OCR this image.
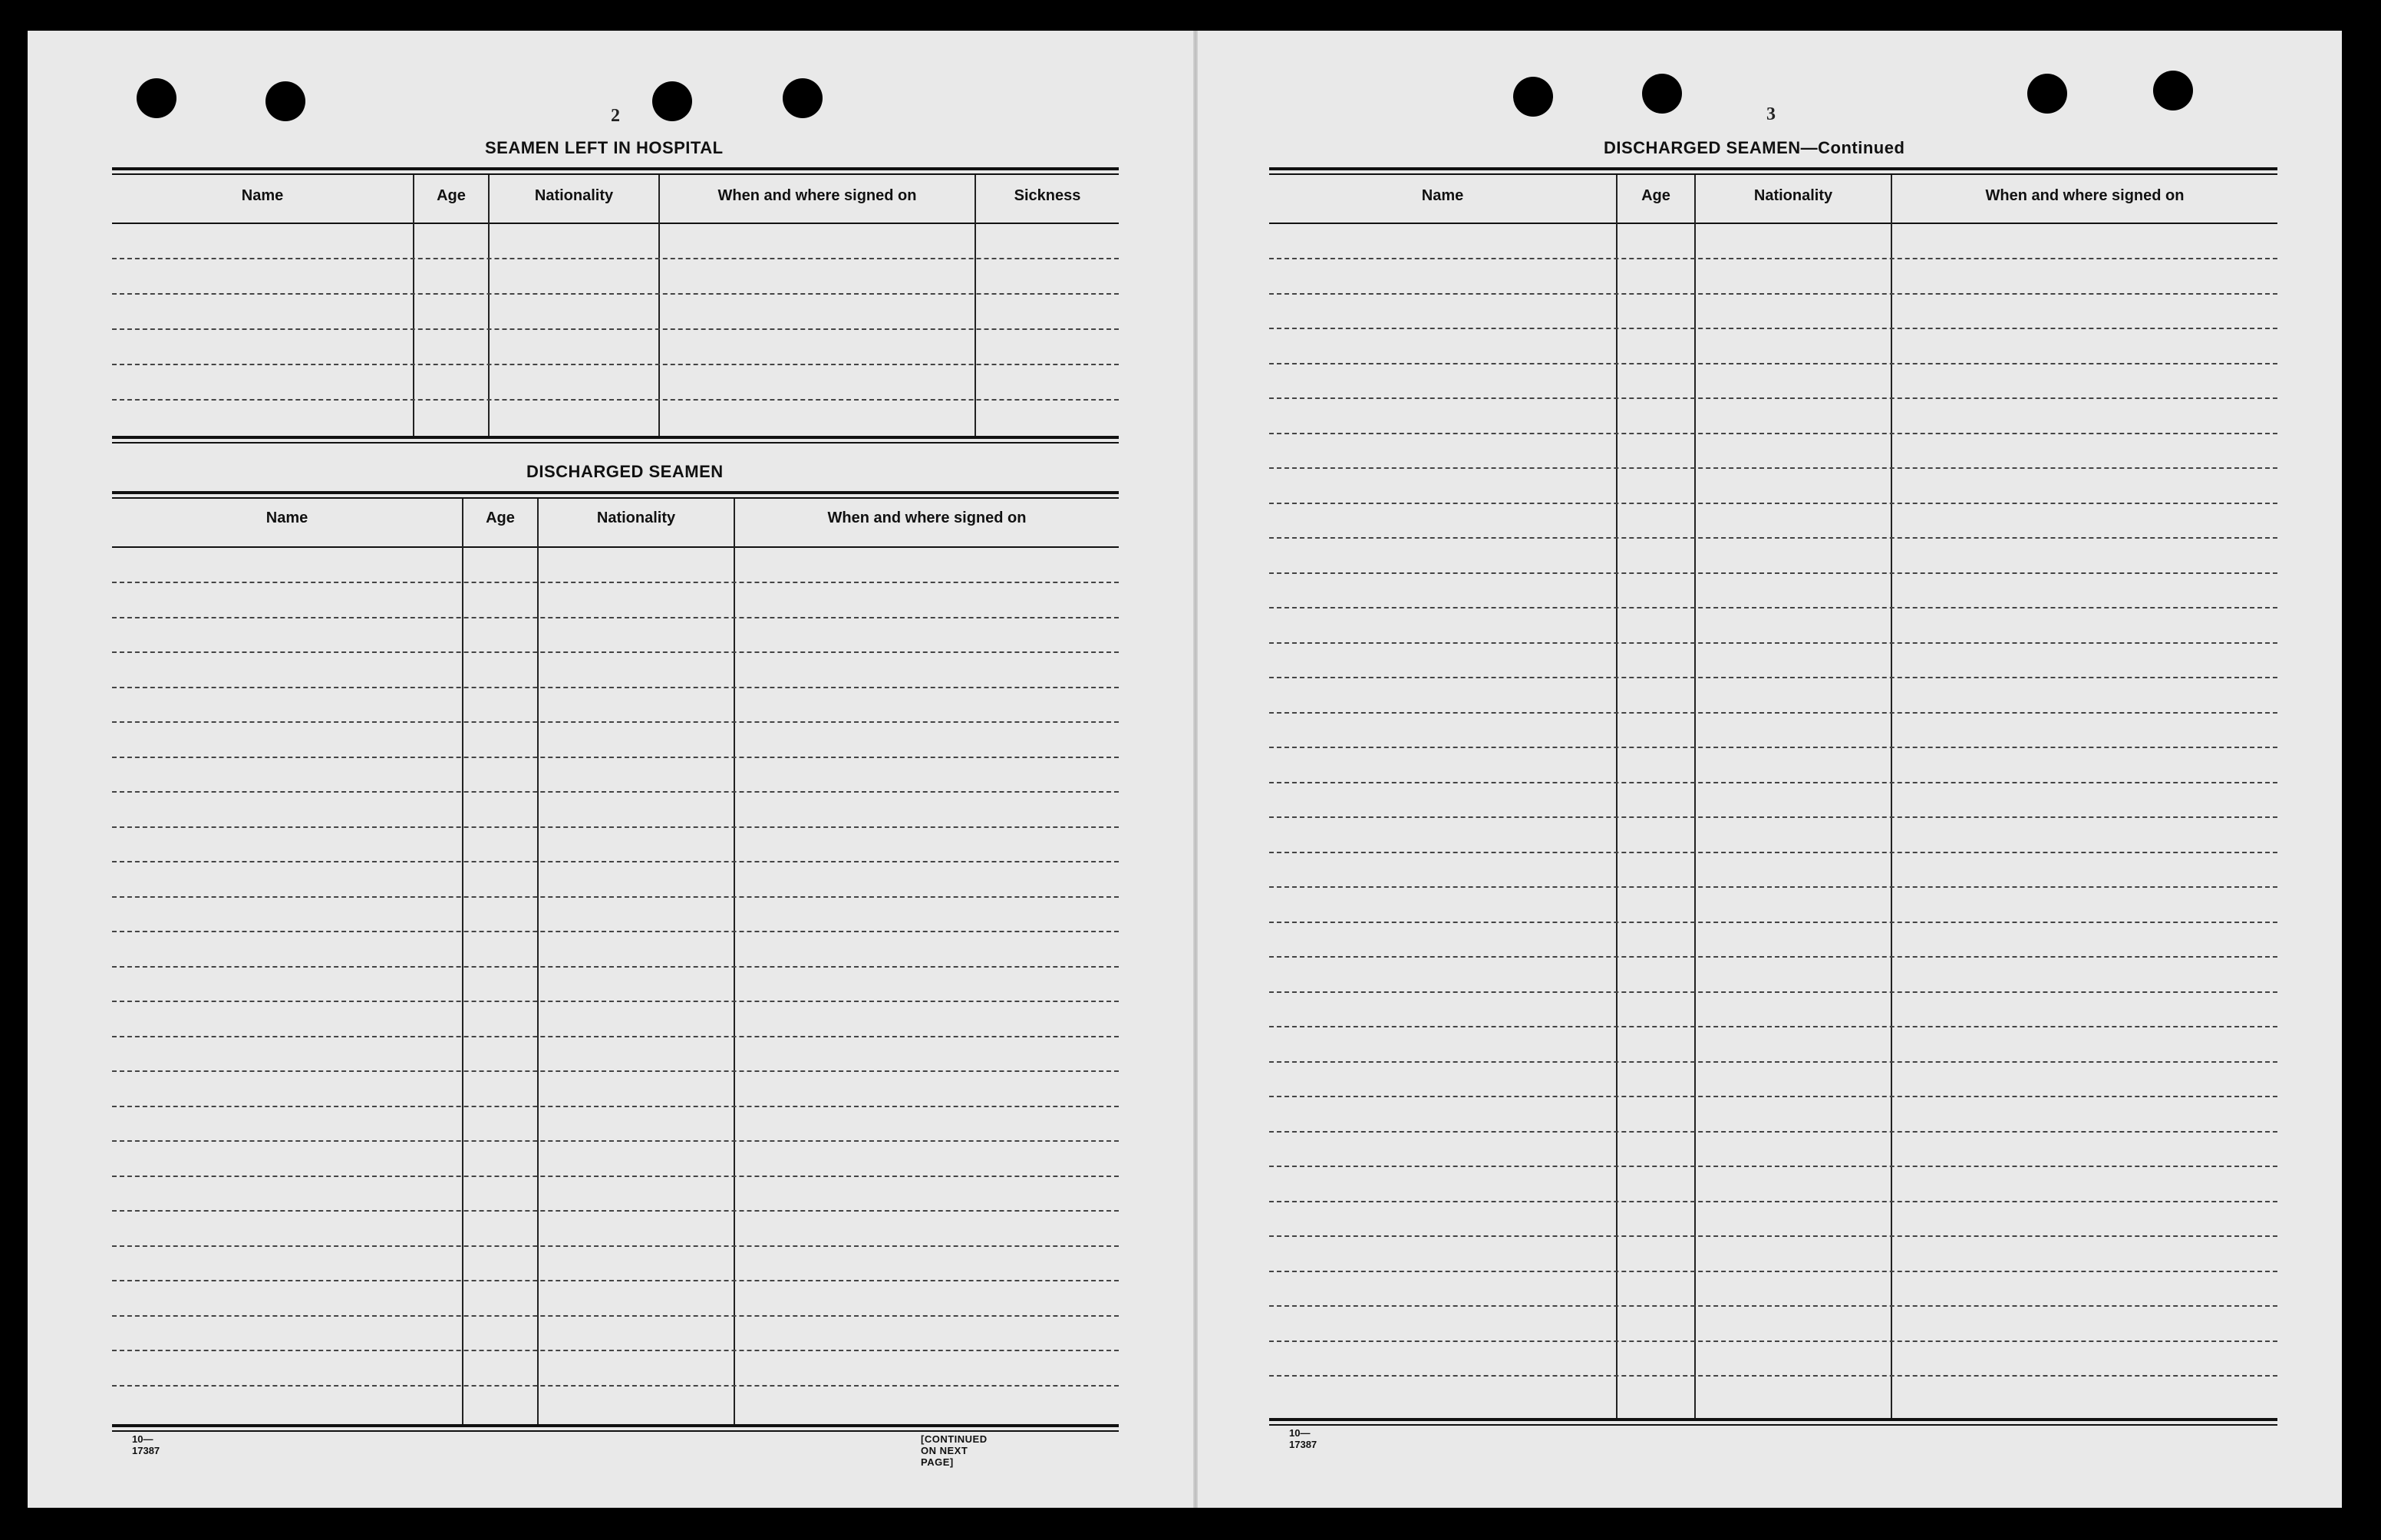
2
SEAMEN LEFT IN HOSPITAL
Name	Age	Nationality	When and where signed on	Sickness
DISCHARGED SEAMEN
Name	Age	Nationality	When and where signed on
10—17387
[CONTINUED ON NEXT PAGE]
3
DISCHARGED SEAMEN—Continued
Name	Age	Nationality	When and where signed on
10—17387
